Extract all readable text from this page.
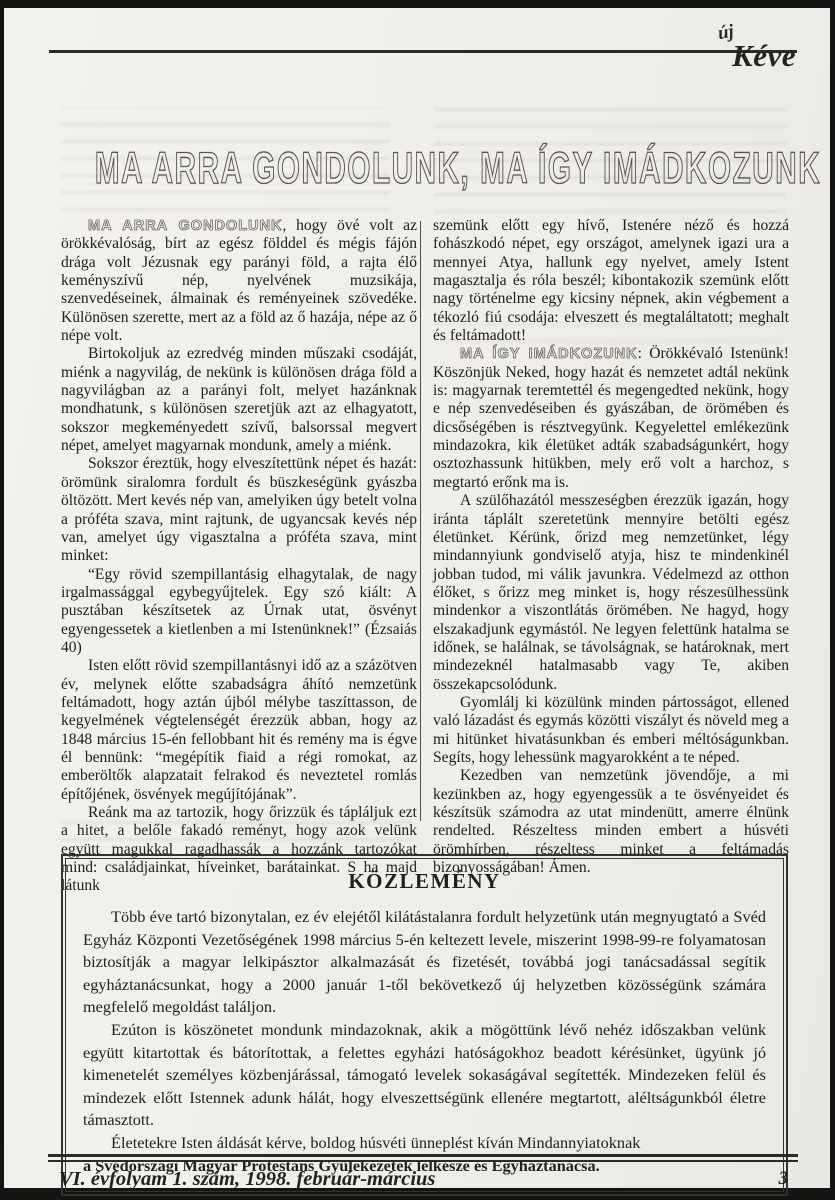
új
Kéve
MA ARRA GONDOLUNK, MA ÍGY IMÁDKOZUNK

MA ARRA GONDOLUNK, hogy övé volt az örökkévalóság, bírt az egész földdel és mégis fájón drága volt Jézusnak egy parányi föld, a rajta élő keményszívű nép, nyelvének muzsikája, szenvedéseinek, álmainak és reményeinek szövedéke. Különösen szerette, mert az a föld az ő hazája, népe az ő népe volt.

Birtokoljuk az ezredvég minden műszaki csodáját, miénk a nagyvilág, de nekünk is különösen drága föld a nagyvilágban az a parányi folt, melyet hazánknak mondhatunk, s különösen szeretjük azt az elhagyatott, sokszor megkeményedett szívű, balsorssal megvert népet, amelyet magyarnak mondunk, amely a miénk.

Sokszor éreztük, hogy elveszítettünk népet és hazát: örömünk siralomra fordult és büszkeségünk gyászba öltözött. Mert kevés nép van, amelyiken úgy betelt volna a próféta szava, mint rajtunk, de ugyancsak kevés nép van, amelyet úgy vigasztalna a próféta szava, mint minket:

“Egy rövid szempillantásig elhagytalak, de nagy irgalmassággal egybegyűjtelek. Egy szó kiált: A pusztában készítsetek az Úrnak utat, ösvényt egyengessetek a kietlenben a mi Istenünknek!” (Ézsaiás 40)

Isten előtt rövid szempillantásnyi idő az a százötven év, melynek előtte szabadságra áhító nemzetünk feltámadott, hogy aztán újból mélybe taszíttasson, de kegyelmének végtelenségét érezzük abban, hogy az 1848 március 15-én fellobbant hit és remény ma is égve él bennünk: “megépítik fiaid a régi romokat, az emberöltők alapzatait felrakod és neveztetel romlás építőjének, ösvények megújítójának”.

Reánk ma az tartozik, hogy őrizzük és tápláljuk ezt a hitet, a belőle fakadó reményt, hogy azok velünk együtt magukkal ragadhassák a hozzánk tartozókat mind: családjainkat, híveinket, barátainkat. S ha majd látunk

szemünk előtt egy hívő, Istenére néző és hozzá fohászkodó népet, egy országot, amelynek igazi ura a mennyei Atya, hallunk egy nyelvet, amely Istent magasztalja és róla beszél; kibontakozik szemünk előtt nagy történelme egy kicsiny népnek, akin végbement a tékozló fiú csodája: elveszett és megtaláltatott; meghalt és feltámadott!

MA ÍGY IMÁDKOZUNK: Örökkévaló Istenünk! Köszönjük Neked, hogy hazát és nemzetet adtál nekünk is: magyarnak teremtettél és megengedted nekünk, hogy e nép szenvedéseiben és gyászában, de örömében és dicsőségében is résztvegyünk. Kegyelettel emlékezünk mindazokra, kik életüket adták szabadságunkért, hogy osztozhassunk hitükben, mely erő volt a harchoz, s megtartó erőnk ma is.

A szülőhazától messzeségben érezzük igazán, hogy iránta táplált szeretetünk mennyire betölti egész életünket. Kérünk, őrizd meg nemzetünket, légy mindannyiunk gondviselő atyja, hisz te mindenkinél jobban tudod, mi válik javunkra. Védelmezd az otthon élőket, s őrizz meg minket is, hogy részesülhessünk mindenkor a viszontlátás örömében. Ne hagyd, hogy elszakadjunk egymástól. Ne legyen felettünk hatalma se időnek, se halálnak, se távolságnak, se határoknak, mert mindezeknél hatalmasabb vagy Te, akiben összekapcsolódunk.

Gyomlálj ki közülünk minden pártosságot, ellened való lázadást és egymás közötti viszályt és növeld meg a mi hitünket hivatásunkban és emberi méltóságunkban. Segíts, hogy lehessünk magyarokként a te néped.

Kezedben van nemzetünk jövendője, a mi kezünkben az, hogy egyengessük a te ösvényeidet és készítsük számodra az utat mindenütt, amerre élnünk rendelted. Részeltess minden embert a húsvéti örömhírben, részeltess minket a feltámadás bizonyosságában! Ámen.

KÖZLEMÉNY

Több éve tartó bizonytalan, ez év elejétől kilátástalanra fordult helyzetünk után megnyugtató a Svéd Egyház Központi Vezetőségének 1998 március 5-én keltezett levele, miszerint 1998-99-re folyamatosan biztosítják a magyar lelkipásztor alkalmazását és fizetését, továbbá jogi tanácsadással segítik egyháztanácsunkat, hogy a 2000 január 1-től bekövetkező új helyzetben közösségünk számára megfelelő megoldást találjon.

Ezúton is köszönetet mondunk mindazoknak, akik a mögöttünk lévő nehéz időszakban velünk együtt kitartottak és bátorítottak, a felettes egyházi hatóságokhoz beadott kérésünket, ügyünk jó kimenetelét személyes közbenjárással, támogató levelek sokaságával segítették. Mindezeken felül és mindezek előtt Istennek adunk hálát, hogy elveszettségünk ellenére megtartott, aléltságunkból életre támasztott.

Életetekre Isten áldását kérve, boldog húsvéti ünneplést kíván Mindannyiatoknak

a Svédországi Magyar Protestáns Gyülekezetek lelkésze és Egyháztanácsa.

VI. évfolyam 1. szám, 1998. február-március	3
